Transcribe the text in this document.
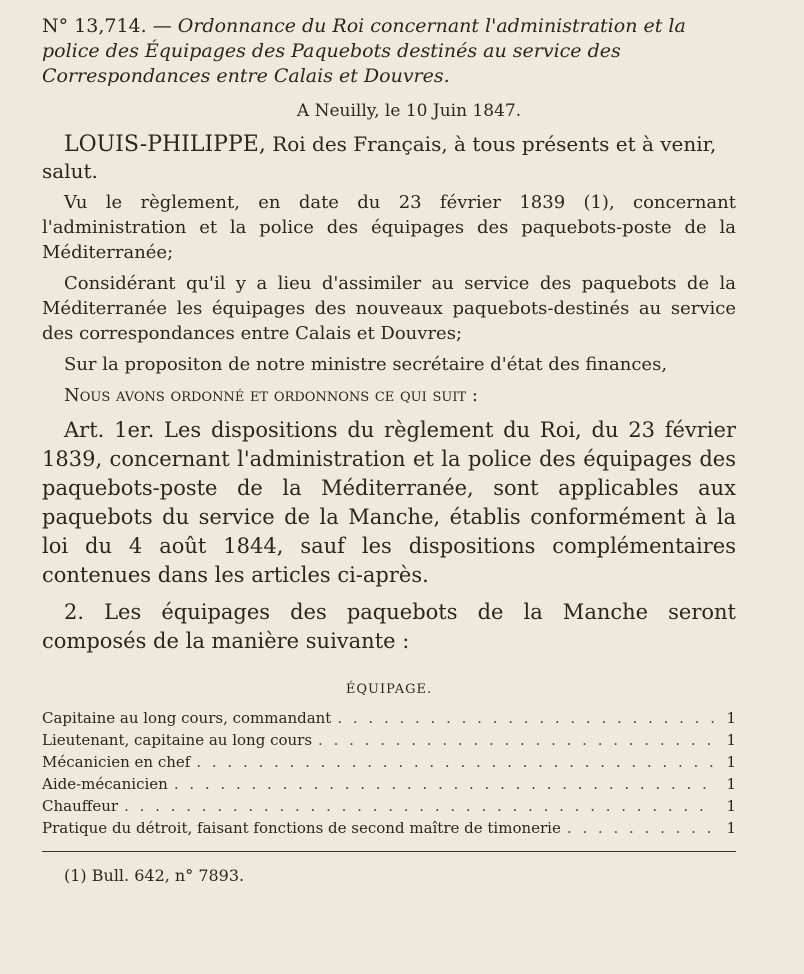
N° 13,714. — Ordonnance du Roi concernant l'administration et la police des Équipages des Paquebots destinés au service des Correspondances entre Calais et Douvres.

A Neuilly, le 10 Juin 1847.

LOUIS-PHILIPPE, Roi des Français, à tous présents et à venir, salut.

Vu le règlement, en date du 23 février 1839 (1), concernant l'administration et la police des équipages des paquebots-poste de la Méditerranée;

Considérant qu'il y a lieu d'assimiler au service des paquebots de la Méditerranée les équipages des nouveaux paquebots-destinés au service des correspondances entre Calais et Douvres;

Sur la propositon de notre ministre secrétaire d'état des finances,

Nous avons ordonné et ordonnons ce qui suit :

Art. 1er. Les dispositions du règlement du Roi, du 23 février 1839, concernant l'administration et la police des équipages des paquebots-poste de la Méditerranée, sont applicables aux paquebots du service de la Manche, établis conformément à la loi du 4 août 1844, sauf les dispositions complémentaires contenues dans les articles ci-après.

2. Les équipages des paquebots de la Manche seront composés de la manière suivante :

ÉQUIPAGE.
Capitaine au long cours, commandant . . .	1
Lieutenant, capitaine au long cours . . .	1
Mécanicien en chef . . .	1
Aide-mécanicien . . .	1
Chauffeur . . .	1
Pratique du détroit, faisant fonctions de second maître de timonerie . . .	1

(1) Bull. 642, n° 7893.
